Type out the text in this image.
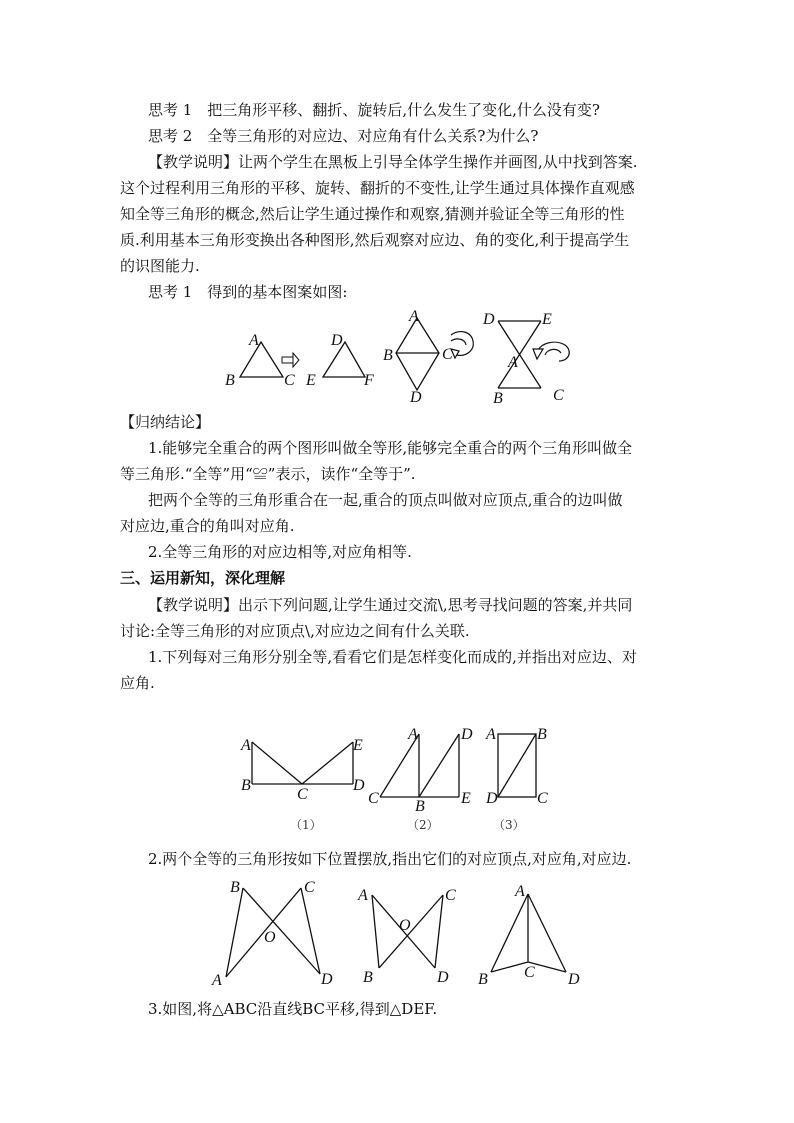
思考 1　把三角形平移、翻折、旋转后,什么发生了变化,什么没有变?
思考 2　全等三角形的对应边、对应角有什么关系?为什么?
【教学说明】让两个学生在黑板上引导全体学生操作并画图,从中找到答案.
这个过程利用三角形的平移、旋转、翻折的不变性,让学生通过具体操作直观感
知全等三角形的概念,然后让学生通过操作和观察,猜测并验证全等三角形的性
质.利用基本三角形变换出各种图形,然后观察对应边、角的变化,利于提高学生
的识图能力.
思考 1　得到的基本图案如图:
A
B	C
D
E	F
A
B	C
D
D	E
A
B	C
【归纳结论】
1.能够完全重合的两个图形叫做全等形,能够完全重合的两个三角形叫做全
等三角形.“全等”用“≌”表示，读作“全等于”.
把两个全等的三角形重合在一起,重合的顶点叫做对应顶点,重合的边叫做
对应边,重合的角叫对应角.
2.全等三角形的对应边相等,对应角相等.
三、运用新知，深化理解
【教学说明】出示下列问题,让学生通过交流\,思考寻找问题的答案,并共同
讨论:全等三角形的对应顶点\,对应边之间有什么关联.
1.下列每对三角形分别全等,看看它们是怎样变化而成的,并指出对应边、对
应角.
A
B
C
D
E
（1）
A	D
C B E
（2）
A	B
D C
（3）
2.两个全等的三角形按如下位置摆放,指出它们的对应顶点,对应角,对应边.
B	C
O
A	D
A	C
O
B	D
A
B C D
3.如图,将△ABC沿直线BC平移,得到△DEF.
